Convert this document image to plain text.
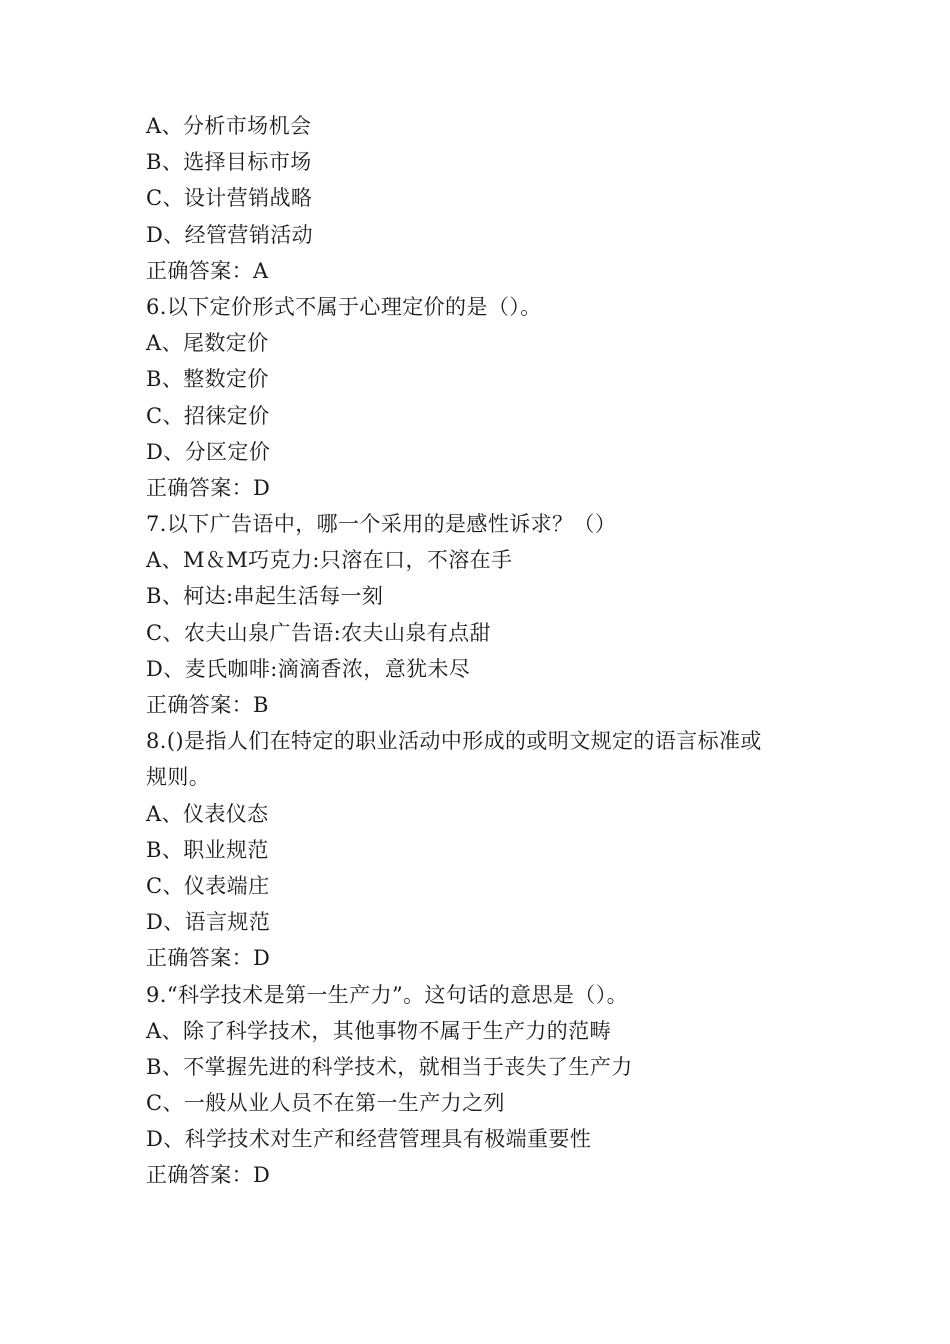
A、分析市场机会
B、选择目标市场
C、设计营销战略
D、经管营销活动
正确答案：A
6.以下定价形式不属于心理定价的是（）。
A、尾数定价
B、整数定价
C、招徕定价
D、分区定价
正确答案：D
7.以下广告语中，哪一个采用的是感性诉求？（）
A、M＆M巧克力:只溶在口，不溶在手
B、柯达:串起生活每一刻
C、农夫山泉广告语:农夫山泉有点甜
D、麦氏咖啡:滴滴香浓，意犹未尽
正确答案：B
8.()是指人们在特定的职业活动中形成的或明文规定的语言标准或
规则。
A、仪表仪态
B、职业规范
C、仪表端庄
D、语言规范
正确答案：D
9.“科学技术是第一生产力”。这句话的意思是（）。
A、除了科学技术，其他事物不属于生产力的范畴
B、不掌握先进的科学技术，就相当于丧失了生产力
C、一般从业人员不在第一生产力之列
D、科学技术对生产和经营管理具有极端重要性
正确答案：D
